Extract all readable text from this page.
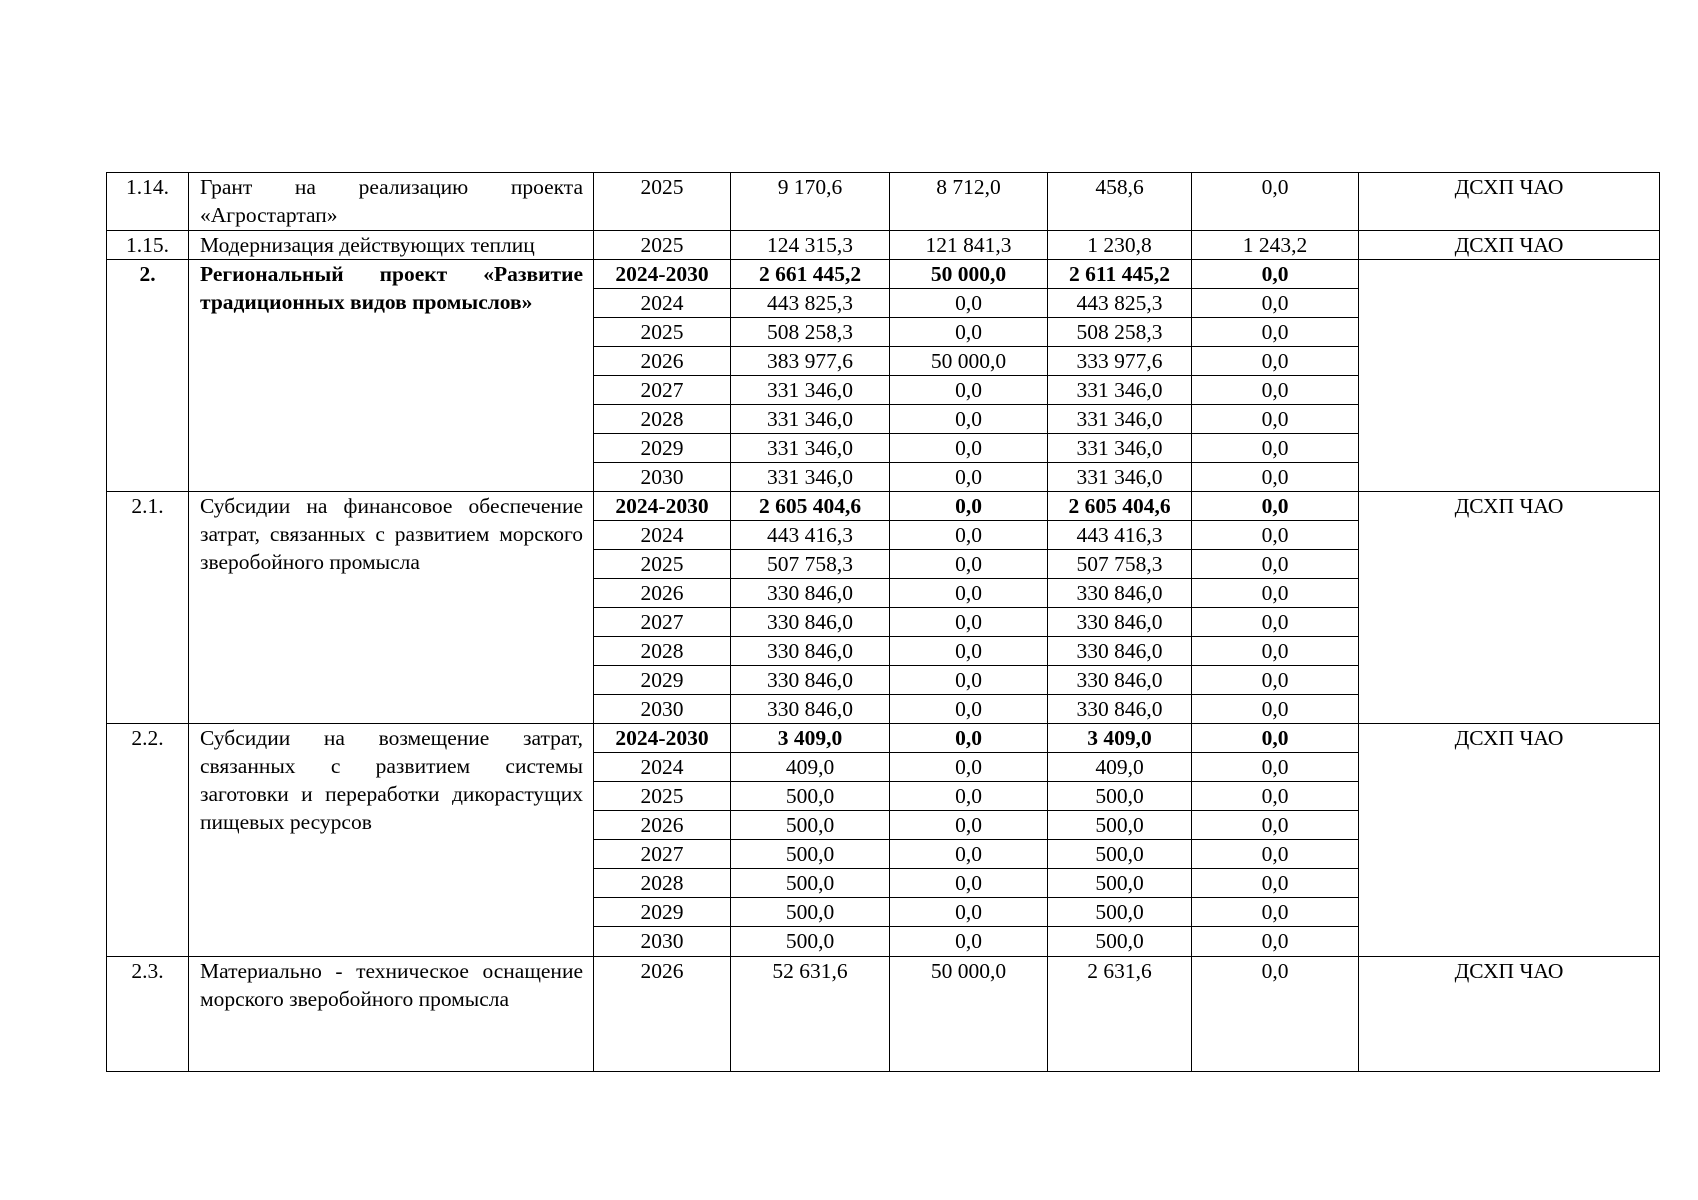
1.14.	Грант на реализацию проекта «Агростартап»	2025	9 170,6	8 712,0	458,6	0,0	ДСХП ЧАО
1.15.	Модернизация действующих теплиц	2025	124 315,3	121 841,3	1 230,8	1 243,2	ДСХП ЧАО
2.	Региональный проект «Развитие традиционных видов промыслов»	2024-2030	2 661 445,2	50 000,0	2 611 445,2	0,0	
		2024	443 825,3	0,0	443 825,3	0,0	
		2025	508 258,3	0,0	508 258,3	0,0	
		2026	383 977,6	50 000,0	333 977,6	0,0	
		2027	331 346,0	0,0	331 346,0	0,0	
		2028	331 346,0	0,0	331 346,0	0,0	
		2029	331 346,0	0,0	331 346,0	0,0	
		2030	331 346,0	0,0	331 346,0	0,0	
2.1.	Субсидии на финансовое обеспечение затрат, связанных с развитием морского зверобойного промысла	2024-2030	2 605 404,6	0,0	2 605 404,6	0,0	ДСХП ЧАО
		2024	443 416,3	0,0	443 416,3	0,0	
		2025	507 758,3	0,0	507 758,3	0,0	
		2026	330 846,0	0,0	330 846,0	0,0	
		2027	330 846,0	0,0	330 846,0	0,0	
		2028	330 846,0	0,0	330 846,0	0,0	
		2029	330 846,0	0,0	330 846,0	0,0	
		2030	330 846,0	0,0	330 846,0	0,0	
2.2.	Субсидии на возмещение затрат, связанных с развитием системы заготовки и переработки дикорастущих пищевых ресурсов	2024-2030	3 409,0	0,0	3 409,0	0,0	ДСХП ЧАО
		2024	409,0	0,0	409,0	0,0	
		2025	500,0	0,0	500,0	0,0	
		2026	500,0	0,0	500,0	0,0	
		2027	500,0	0,0	500,0	0,0	
		2028	500,0	0,0	500,0	0,0	
		2029	500,0	0,0	500,0	0,0	
		2030	500,0	0,0	500,0	0,0	
2.3.	Материально - техническое оснащение морского зверобойного промысла	2026	52 631,6	50 000,0	2 631,6	0,0	ДСХП ЧАО
